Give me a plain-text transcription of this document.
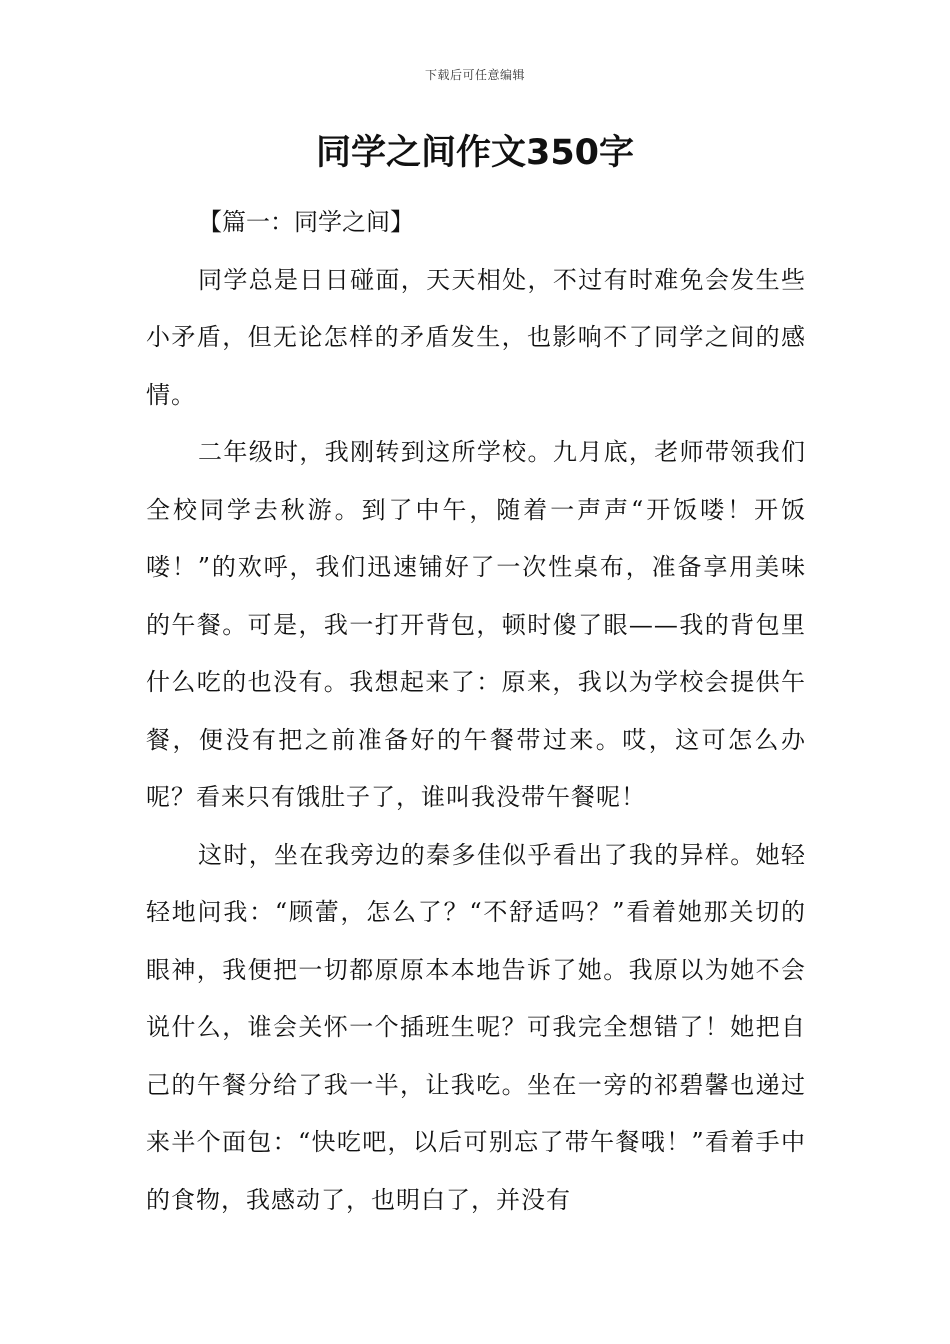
下载后可任意编辑
同学之间作文350字

【篇一：同学之间】

同学总是日日碰面，天天相处，不过有时难免会发生些小矛盾，但无论怎样的矛盾发生，也影响不了同学之间的感情。

二年级时，我刚转到这所学校。九月底，老师带领我们全校同学去秋游。到了中午，随着一声声“开饭喽！开饭喽！”的欢呼，我们迅速铺好了一次性桌布，准备享用美味的午餐。可是，我一打开背包，顿时傻了眼——我的背包里什么吃的也没有。我想起来了：原来，我以为学校会提供午餐，便没有把之前准备好的午餐带过来。哎，这可怎么办呢？看来只有饿肚子了，谁叫我没带午餐呢！

这时，坐在我旁边的秦多佳似乎看出了我的异样。她轻轻地问我：“顾蕾，怎么了？“不舒适吗？”看着她那关切的眼神，我便把一切都原原本本地告诉了她。我原以为她不会说什么，谁会关怀一个插班生呢？可我完全想错了！她把自己的午餐分给了我一半，让我吃。坐在一旁的祁碧馨也递过来半个面包：“快吃吧，以后可别忘了带午餐哦！”看着手中的食物，我感动了，也明白了，并没有
